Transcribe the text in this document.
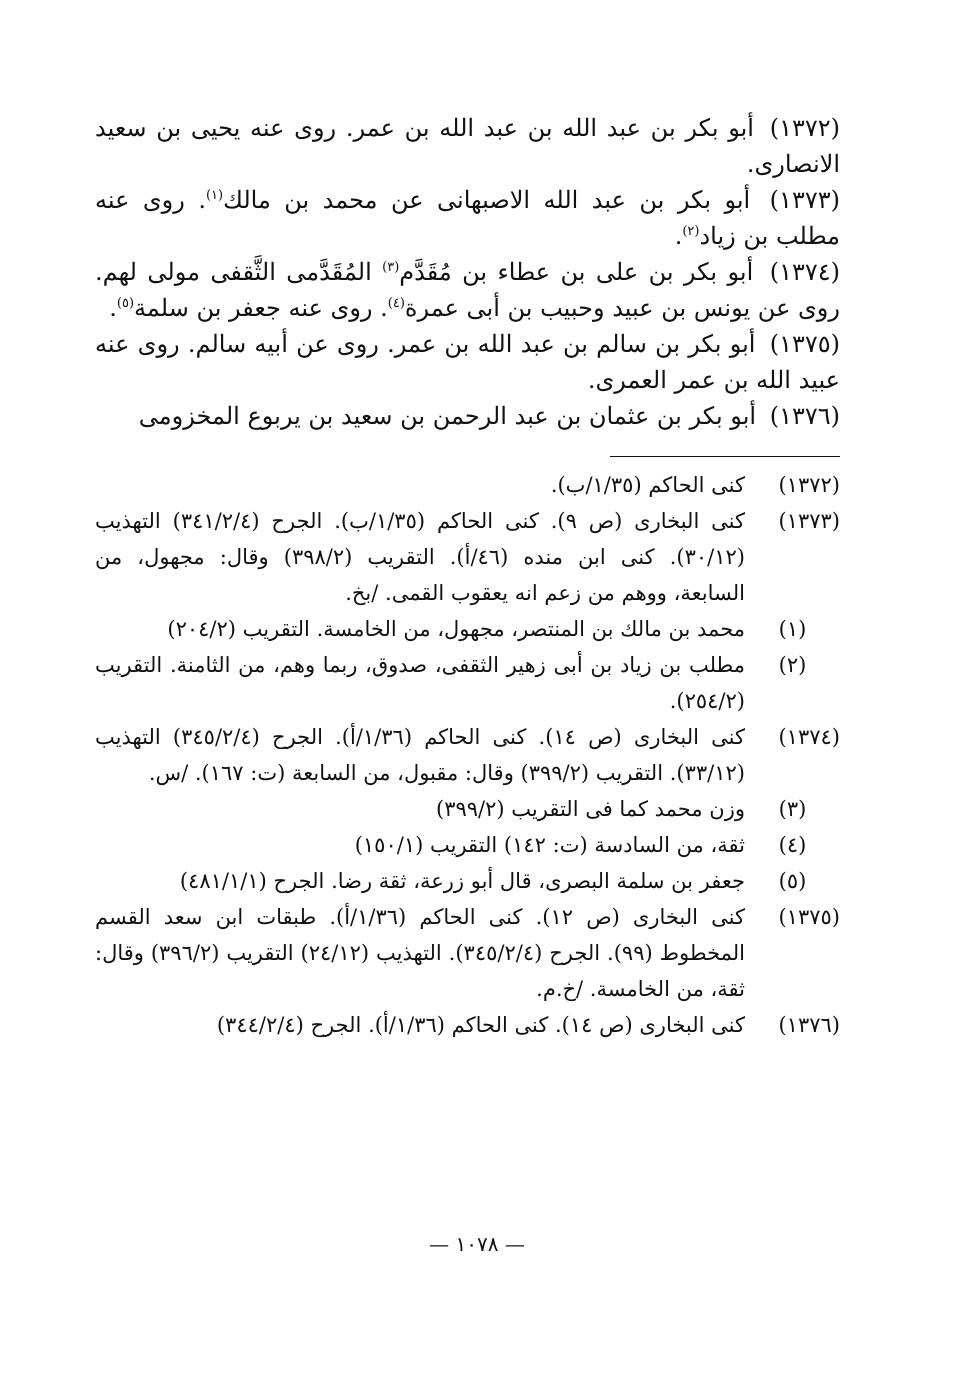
(١٣٧٢) أبو بكر بن عبد الله بن عبد الله بن عمر. روى عنه يحيى بن سعيد الانصارى.

(١٣٧٣) أبو بكر بن عبد الله الاصبهانى عن محمد بن مالك$^{(١)}$. روى عنه مطلب بن زياد$^{(٢)}$.

(١٣٧٤) أبو بكر بن على بن عطاء بن مُقَدَّم$^{(٣)}$ المُقَدَّمى الثَّقفى مولى لهم. روى عن يونس بن عبيد وحبيب بن أبى عمرة$^{(٤)}$. روى عنه جعفر بن سلمة$^{(٥)}$.

(١٣٧٥) أبو بكر بن سالم بن عبد الله بن عمر. روى عن أبيه سالم. روى عنه عبيد الله بن عمر العمرى.

(١٣٧٦) أبو بكر بن عثمان بن عبد الرحمن بن سعيد بن يربوع المخزومى

(١٣٧٢)
كنى الحاكم (١/٣٥/ب).
(١٣٧٣)
كنى البخارى (ص ٩). كنى الحاكم (١/٣٥/ب). الجرح (٣٤١/٢/٤) التهذيب (٣٠/١٢). كنى ابن منده (٤٦/أ). التقريب (٣٩٨/٢) وقال: مجهول، من السابعة، ووهم من زعم انه يعقوب القمى. /بخ.
(١)
محمد بن مالك بن المنتصر، مجهول، من الخامسة. التقريب (٢٠٤/٢)
(٢)
مطلب بن زياد بن أبى زهير الثقفى، صدوق، ربما وهم، من الثامنة. التقريب (٢٥٤/٢).
(١٣٧٤)
كنى البخارى (ص ١٤). كنى الحاكم (١/٣٦/أ). الجرح (٣٤٥/٢/٤) التهذيب (٣٣/١٢). التقريب (٣٩٩/٢) وقال: مقبول، من السابعة (ت: ١٦٧). /س.
(٣)
وزن محمد كما فى التقريب (٣٩٩/٢)
(٤)
ثقة، من السادسة (ت: ١٤٢) التقريب (١٥٠/١)
(٥)
جعفر بن سلمة البصرى، قال أبو زرعة، ثقة رضا. الجرح (٤٨١/١/١)
(١٣٧٥)
كنى البخارى (ص ١٢). كنى الحاكم (١/٣٦/أ). طبقات ابن سعد القسم المخطوط (٩٩). الجرح (٣٤٥/٢/٤). التهذيب (٢٤/١٢) التقريب (٣٩٦/٢) وقال: ثقة، من الخامسة. /خ.م.
(١٣٧٦)
كنى البخارى (ص ١٤). كنى الحاكم (١/٣٦/أ). الجرح (٣٤٤/٢/٤)
— ١٠٧٨ —
